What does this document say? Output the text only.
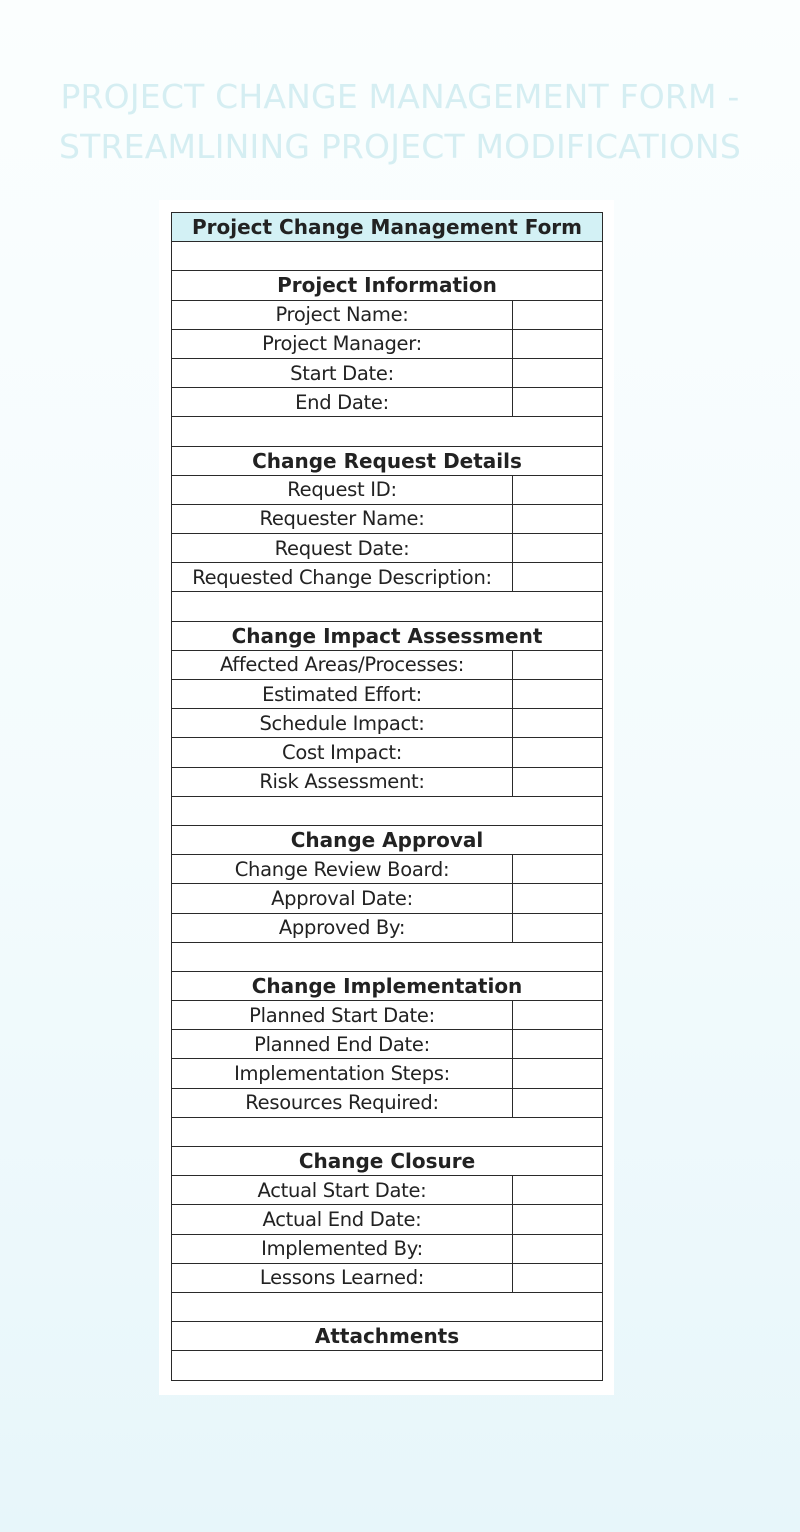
PROJECT CHANGE MANAGEMENT FORM -
STREAMLINING PROJECT MODIFICATIONS
Project Change Management Form	

Project Information	
Project Name:	
Project Manager:	
Start Date:	
End Date:	

Change Request Details	
Request ID:	
Requester Name:	
Request Date:	
Requested Change Description:	

Change Impact Assessment	
Affected Areas/Processes:	
Estimated Effort:	
Schedule Impact:	
Cost Impact:	
Risk Assessment:	

Change Approval	
Change Review Board:	
Approval Date:	
Approved By:	

Change Implementation	
Planned Start Date:	
Planned End Date:	
Implementation Steps:	
Resources Required:	

Change Closure	
Actual Start Date:	
Actual End Date:	
Implemented By:	
Lessons Learned:	

Attachments	
